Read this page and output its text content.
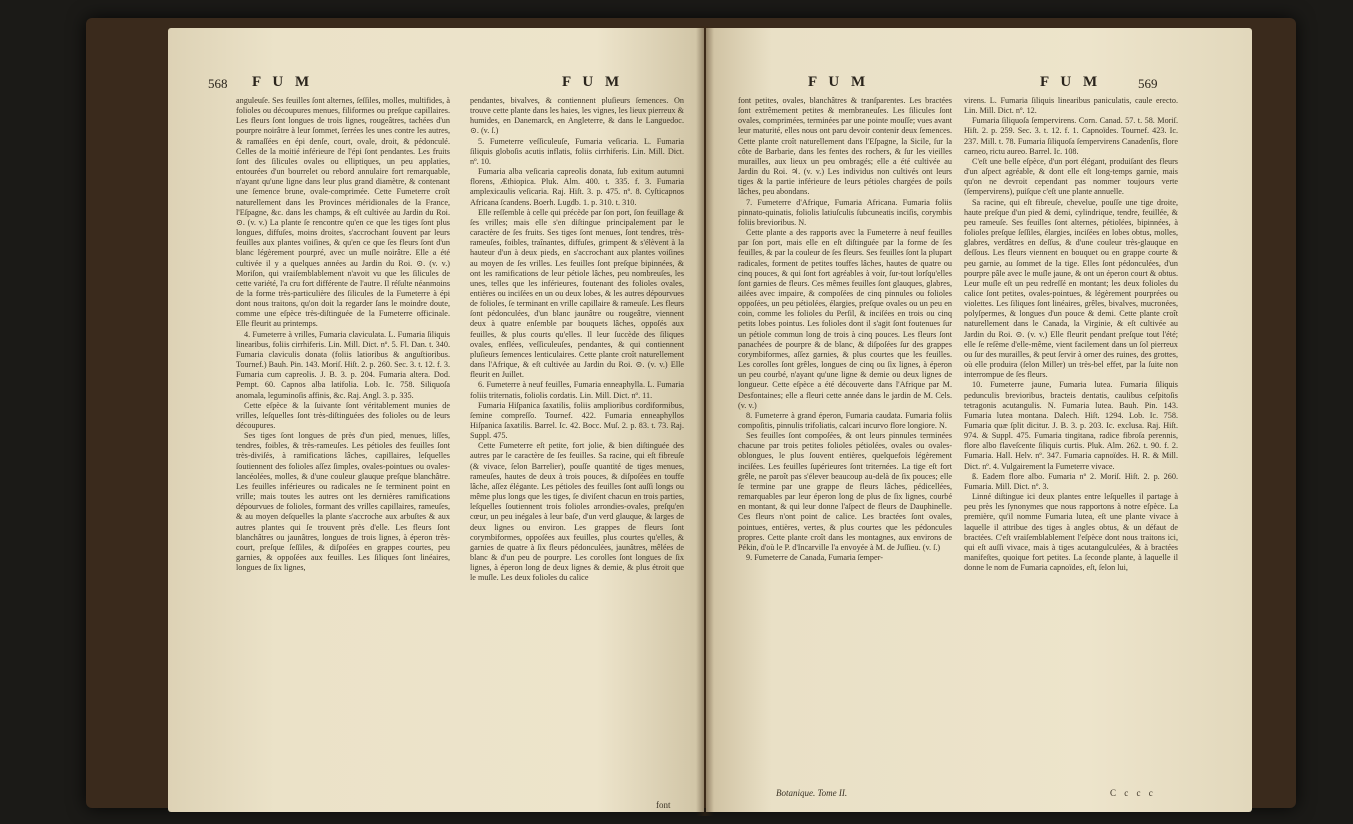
568 F U M	F U M	F U M	F U M	569

anguleuſe. Ses feuilles ſont alternes, ſeſſiles, molles, multifides, à folioles ou découpures menues, filiformes ou preſque capillaires. Les fleurs ſont longues de trois lignes, rougeâtres, tachées d'un pourpre noirâtre à leur ſommet, ſerrées les unes contre les autres, & ramaſſées en épi denſe, court, ovale, droit, & pédonculé. Celles de la moitié inférieure de l'épi ſont pendantes. Les fruits ſont des ſilicules ovales ou elliptiques, un peu applaties, entourées d'un bourrelet ou rebord annulaire fort remarquable, n'ayant qu'une ligne dans leur plus grand diamètre, & contenant une ſemence brune, ovale-comprimée. Cette Fumeterre croît naturellement dans les Provinces méridionales de la France, l'Eſpagne, &c. dans les champs, & eſt cultivée au Jardin du Roi. ⊙. (v. v.) La plante ſe rencontre qu'en ce que les tiges ſont plus longues, diffuſes, moins droites, s'accrochant ſouvent par leurs feuilles aux plantes voiſines, & qu'en ce que ſes fleurs ſont d'un blanc légèrement pourpré, avec un muſle noirâtre. Elle a été cultivée il y a quelques années au Jardin du Roi. ⊙. (v. v.) Moriſon, qui vraiſemblablement n'avoit vu que les ſilicules de cette variété, l'a cru fort différente de l'autre. Il réſulte néanmoins de la forme très-particulière des ſilicules de la Fumeterre à épi dont nous traitons, qu'on doit la regarder ſans le moindre doute, comme une eſpèce très-diſtinguée de la Fumeterre officinale. Elle fleurit au printemps.

4. Fumeterre à vrilles, Fumaria claviculata. L. Fumaria ſiliquis linearibus, foliis cirrhiferis. Lin. Mill. Dict. nº. 5. Fl. Dan. t. 340. Fumaria claviculis donata (foliis latioribus & anguſtioribus. Tournef.) Bauh. Pin. 143. Moriſ. Hiſt. 2. p. 260. Sec. 3. t. 12. f. 3. Fumaria cum capreolis. J. B. 3. p. 204. Fumaria altera. Dod. Pempt. 60. Capnos alba latifolia. Lob. Ic. 758. Siliquoſa anomala, leguminoſis affinis, &c. Raj. Angl. 3. p. 335.

Cette eſpèce & la ſuivante ſont véritablement munies de vrilles, leſquelles ſont très-diſtinguées des folioles ou de leurs découpures.

Ses tiges ſont longues de près d'un pied, menues, liſſes, tendres, foibles, & très-rameuſes. Les pétioles des feuilles ſont très-diviſés, à ramifications lâches, capillaires, leſquelles ſoutiennent des folioles aſſez ſimples, ovales-pointues ou ovales-lancéolées, molles, & d'une couleur glauque preſque blanchâtre. Les feuilles inférieures ou radicales ne ſe terminent point en vrille; mais toutes les autres ont les dernières ramifications dépourvues de folioles, formant des vrilles capillaires, rameuſes, & au moyen deſquelles la plante s'accroche aux arbuſtes & aux autres plantes qui ſe trouvent près d'elle. Les fleurs ſont blanchâtres ou jaunâtres, longues de trois lignes, à éperon très-court, preſque ſeſſiles, & diſpoſées en grappes courtes, peu garnies, & oppoſées aux feuilles. Les ſiliques ſont linéaires, longues de ſix lignes,

pendantes, bivalves, & contiennent pluſieurs ſemences. On trouve cette plante dans les haies, les vignes, les lieux pierreux & humides, en Danemarck, en Angleterre, & dans le Languedoc. ⊙. (v. ſ.)

5. Fumeterre veſſiculeuſe, Fumaria veſicaria. L. Fumaria ſiliquis globoſis acutis inflatis, foliis cirrhiferis. Lin. Mill. Dict. nº. 10.

Fumaria alba veſicaria capreolis donata, ſub exitum autumni florens, Æthiopica. Pluk. Alm. 400. t. 335. f. 3. Fumaria amplexicaulis veſicaria. Raj. Hiſt. 3. p. 475. nº. 8. Cyſticapnos Africana ſcandens. Boerh. Lugdb. 1. p. 310. t. 310.

Elle reſſemble à celle qui précède par ſon port, ſon feuillage & ſes vrilles; mais elle s'en diſtingue principalement par le caractère de ſes fruits. Ses tiges ſont menues, ſont tendres, très-rameuſes, foibles, traînantes, diffuſes, grimpent & s'élèvent à la hauteur d'un à deux pieds, en s'accrochant aux plantes voiſines au moyen de ſes vrilles. Les feuilles ſont preſque bipinnées, & ont les ramifications de leur pétiole lâches, peu nombreuſes, les unes, telles que les inférieures, foutenant des folioles ovales, entières ou inciſées en un ou deux lobes, & les autres dépourvues de folioles, ſe terminant en vrille capillaire & rameuſe. Les fleurs ſont pédonculées, d'un blanc jaunâtre ou rougeâtre, viennent deux à quatre enſemble par bouquets lâches, oppoſés aux feuilles, & plus courts qu'elles. Il leur ſuccède des ſiliques ovales, enflées, veſſiculeuſes, pendantes, & qui contiennent pluſieurs ſemences lenticulaires. Cette plante croît naturellement dans l'Afrique, & eſt cultivée au Jardin du Roi. ⊙. (v. v.) Elle fleurit en Juillet.

6. Fumeterre à neuf feuilles, Fumaria enneaphylla. L. Fumaria foliis triternatis, foliolis cordatis. Lin. Mill. Dict. nº. 11.

Fumaria Hiſpanica ſaxatilis, foliis amplioribus cordiformibus, ſemine compreſſo. Tournef. 422. Fumaria enneaphyllos Hiſpanica ſaxatilis. Barrel. Ic. 42. Bocc. Muſ. 2. p. 83. t. 73. Raj. Suppl. 475.

Cette Fumeterre eſt petite, fort jolie, & bien diſtinguée des autres par le caractère de ſes feuilles. Sa racine, qui eſt fibreuſe (& vivace, ſelon Barrelier), pouſſe quantité de tiges menues, rameuſes, hautes de deux à trois pouces, & diſpoſées en touffe lâche, aſſez élégante. Les pétioles des feuilles ſont auſſi longs ou même plus longs que les tiges, ſe diviſent chacun en trois parties, leſquelles ſoutiennent trois folioles arrondies-ovales, preſqu'en cœur, un peu inégales à leur baſe, d'un verd glauque, & larges de deux lignes ou environ. Les grappes de fleurs ſont corymbiformes, oppoſées aux feuilles, plus courtes qu'elles, & garnies de quatre à ſix fleurs pédonculées, jaunâtres, mêlées de blanc & d'un peu de pourpre. Les corolles ſont longues de ſix lignes, à éperon long de deux lignes & demie, & plus étroit que le muſle. Les deux folioles du calice

font

font petites, ovales, blanchâtres & tranſparentes. Les bractées ſont extrêmement petites & membraneuſes. Les ſilicules ſont ovales, comprimées, terminées par une pointe mouſſe; vues avant leur maturité, elles nous ont paru devoir contenir deux ſemences. Cette plante croît naturellement dans l'Eſpagne, la Sicile, ſur la côte de Barbarie, dans les fentes des rochers, & ſur les vieilles murailles, aux lieux un peu ombragés; elle a été cultivée au Jardin du Roi. ♃. (v. v.) Les individus non cultivés ont leurs tiges & la partie inférieure de leurs pétioles chargées de poils lâches, peu abondans.

7. Fumeterre d'Afrique, Fumaria Africana. Fumaria foliis pinnato-quinatis, foliolis latiuſculis ſubcuneatis inciſis, corymbis foliis brevioribus. N.

Cette plante a des rapports avec la Fumeterre à neuf feuilles par ſon port, mais elle en eſt diſtinguée par la forme de ſes feuilles, & par la couleur de ſes fleurs. Ses feuilles ſont la plupart radicales, forment de petites touffes lâches, hautes de quatre ou cinq pouces, & qui ſont fort agréables à voir, ſur-tout lorſqu'elles ſont garnies de fleurs. Ces mêmes feuilles ſont glauques, glabres, ailées avec impaire, & compoſées de cinq pinnules ou folioles oppoſées, un peu pétiolées, élargies, preſque ovales ou un peu en coin, comme les folioles du Perſil, & inciſées en trois ou cinq petits lobes pointus. Les folioles dont il s'agit ſont foutenues ſur un pétiole commun long de trois à cinq pouces. Les fleurs ſont panachées de pourpre & de blanc, & diſpoſées ſur des grappes corymbiformes, aſſez garnies, & plus courtes que les feuilles. Les corolles ſont grêles, longues de cinq ou ſix lignes, à éperon un peu courbé, n'ayant qu'une ligne & demie ou deux lignes de longueur. Cette eſpèce a été découverte dans l'Afrique par M. Desfontaines; elle a fleuri cette année dans le jardin de M. Cels. (v. v.)

8. Fumeterre à grand éperon, Fumaria caudata. Fumaria foliis compoſitis, pinnulis trifoliatis, calcari incurvo flore longiore. N.

Ses feuilles ſont compoſées, & ont leurs pinnules terminées chacune par trois petites folioles pétiolées, ovales ou ovales-oblongues, le plus ſouvent entières, quelquefois légèrement inciſées. Les feuilles ſupérieures ſont triternées. La tige eſt fort grêle, ne paroît pas s'élever beaucoup au-delà de ſix pouces; elle ſe termine par une grappe de fleurs lâches, pédicellées, remarquables par leur éperon long de plus de ſix lignes, courbé en montant, & qui leur donne l'aſpect de fleurs de Dauphinelle. Ces fleurs n'ont point de calice. Les bractées ſont ovales, pointues, entières, vertes, & plus courtes que les pédoncules propres. Cette plante croît dans les montagnes, aux environs de Pékin, d'où le P. d'Incarville l'a envoyée à M. de Juſſieu. (v. ſ.)

9. Fumeterre de Canada, Fumaria ſemper-

virens. L. Fumaria ſiliquis linearibus paniculatis, caule erecto. Lin. Mill. Dict. nº. 12.

Fumaria ſiliquoſa ſempervirens. Corn. Canad. 57. t. 58. Moriſ. Hiſt. 2. p. 259. Sec. 3. t. 12. f. 1. Capnoïdes. Tournef. 423. Ic. 237. Mill. t. 78. Fumaria ſiliquoſa ſempervirens Canadenſis, flore carneo, rictu aureo. Barrel. Ic. 108.

C'eſt une belle eſpèce, d'un port élégant, produiſant des fleurs d'un aſpect agréable, & dont elle eſt long-temps garnie, mais qu'on ne devroit cependant pas nommer toujours verte (ſempervirens), puiſque c'eſt une plante annuelle.

Sa racine, qui eſt fibreuſe, chevelue, pouſſe une tige droite, haute preſque d'un pied & demi, cylindrique, tendre, feuillée, & peu rameuſe. Ses feuilles ſont alternes, pétiolées, bipinnées, à folioles preſque ſeſſiles, élargies, inciſées en lobes obtus, molles, glabres, verdâtres en deſſus, & d'une couleur très-glauque en deſſous. Les fleurs viennent en bouquet ou en grappe courte & peu garnie, au ſommet de la tige. Elles ſont pédonculées, d'un pourpre pâle avec le muſle jaune, & ont un éperon court & obtus. Leur muſle eſt un peu redreſſé en montant; les deux folioles du calice ſont petites, ovales-pointues, & légèrement pourprées ou violettes. Les ſiliques ſont linéaires, grêles, bivalves, mucronées, polyſpermes, & longues d'un pouce & demi. Cette plante croît naturellement dans le Canada, la Virginie, & eſt cultivée au Jardin du Roi. ⊙. (v. v.) Elle fleurit pendant preſque tout l'été; elle ſe reſème d'elle-même, vient facilement dans un ſol pierreux ou ſur des murailles, & peut ſervir à orner des ruines, des grottes, où elle produira (ſelon Miller) un très-bel effet, par la ſuite non interrompue de ſes fleurs.

10. Fumeterre jaune, Fumaria lutea. Fumaria ſiliquis pedunculis brevioribus, bracteis dentatis, caulibus ceſpitoſis tetragonis acutangulis. N. Fumaria lutea. Bauh. Pin. 143. Fumaria lutea montana. Dalech. Hiſt. 1294. Lob. Ic. 758. Fumaria quæ ſplit dicitur. J. B. 3. p. 203. Ic. exclusa. Raj. Hiſt. 974. & Suppl. 475. Fumaria tingitana, radice fibroſa perennis, flore albo flaveſcente ſiliquis curtis. Pluk. Alm. 262. t. 90. f. 2. Fumaria. Hall. Helv. nº. 347. Fumaria capnoïdes. H. R. & Mill. Dict. nº. 4. Vulgairement la Fumeterre vivace.

ß. Eadem flore albo. Fumaria nº 2. Moriſ. Hiſt. 2. p. 260. Fumaria. Mill. Dict. nº. 3.

Linné diſtingue ici deux plantes entre leſquelles il partage à peu près les ſynonymes que nous rapportons à notre eſpèce. La première, qu'il nomme Fumaria lutea, eſt une plante vivace à laquelle il attribue des tiges à angles obtus, & un défaut de bractées. C'eſt vraiſemblablement l'eſpèce dont nous traitons ici, qui eſt auſſi vivace, mais à tiges acutangulculées, & à bractées manifeſtes, quoique fort petites. La ſeconde plante, à laquelle il donne le nom de Fumaria capnoïdes, eſt, ſelon lui,

Botanique. Tome II.	C c c c
